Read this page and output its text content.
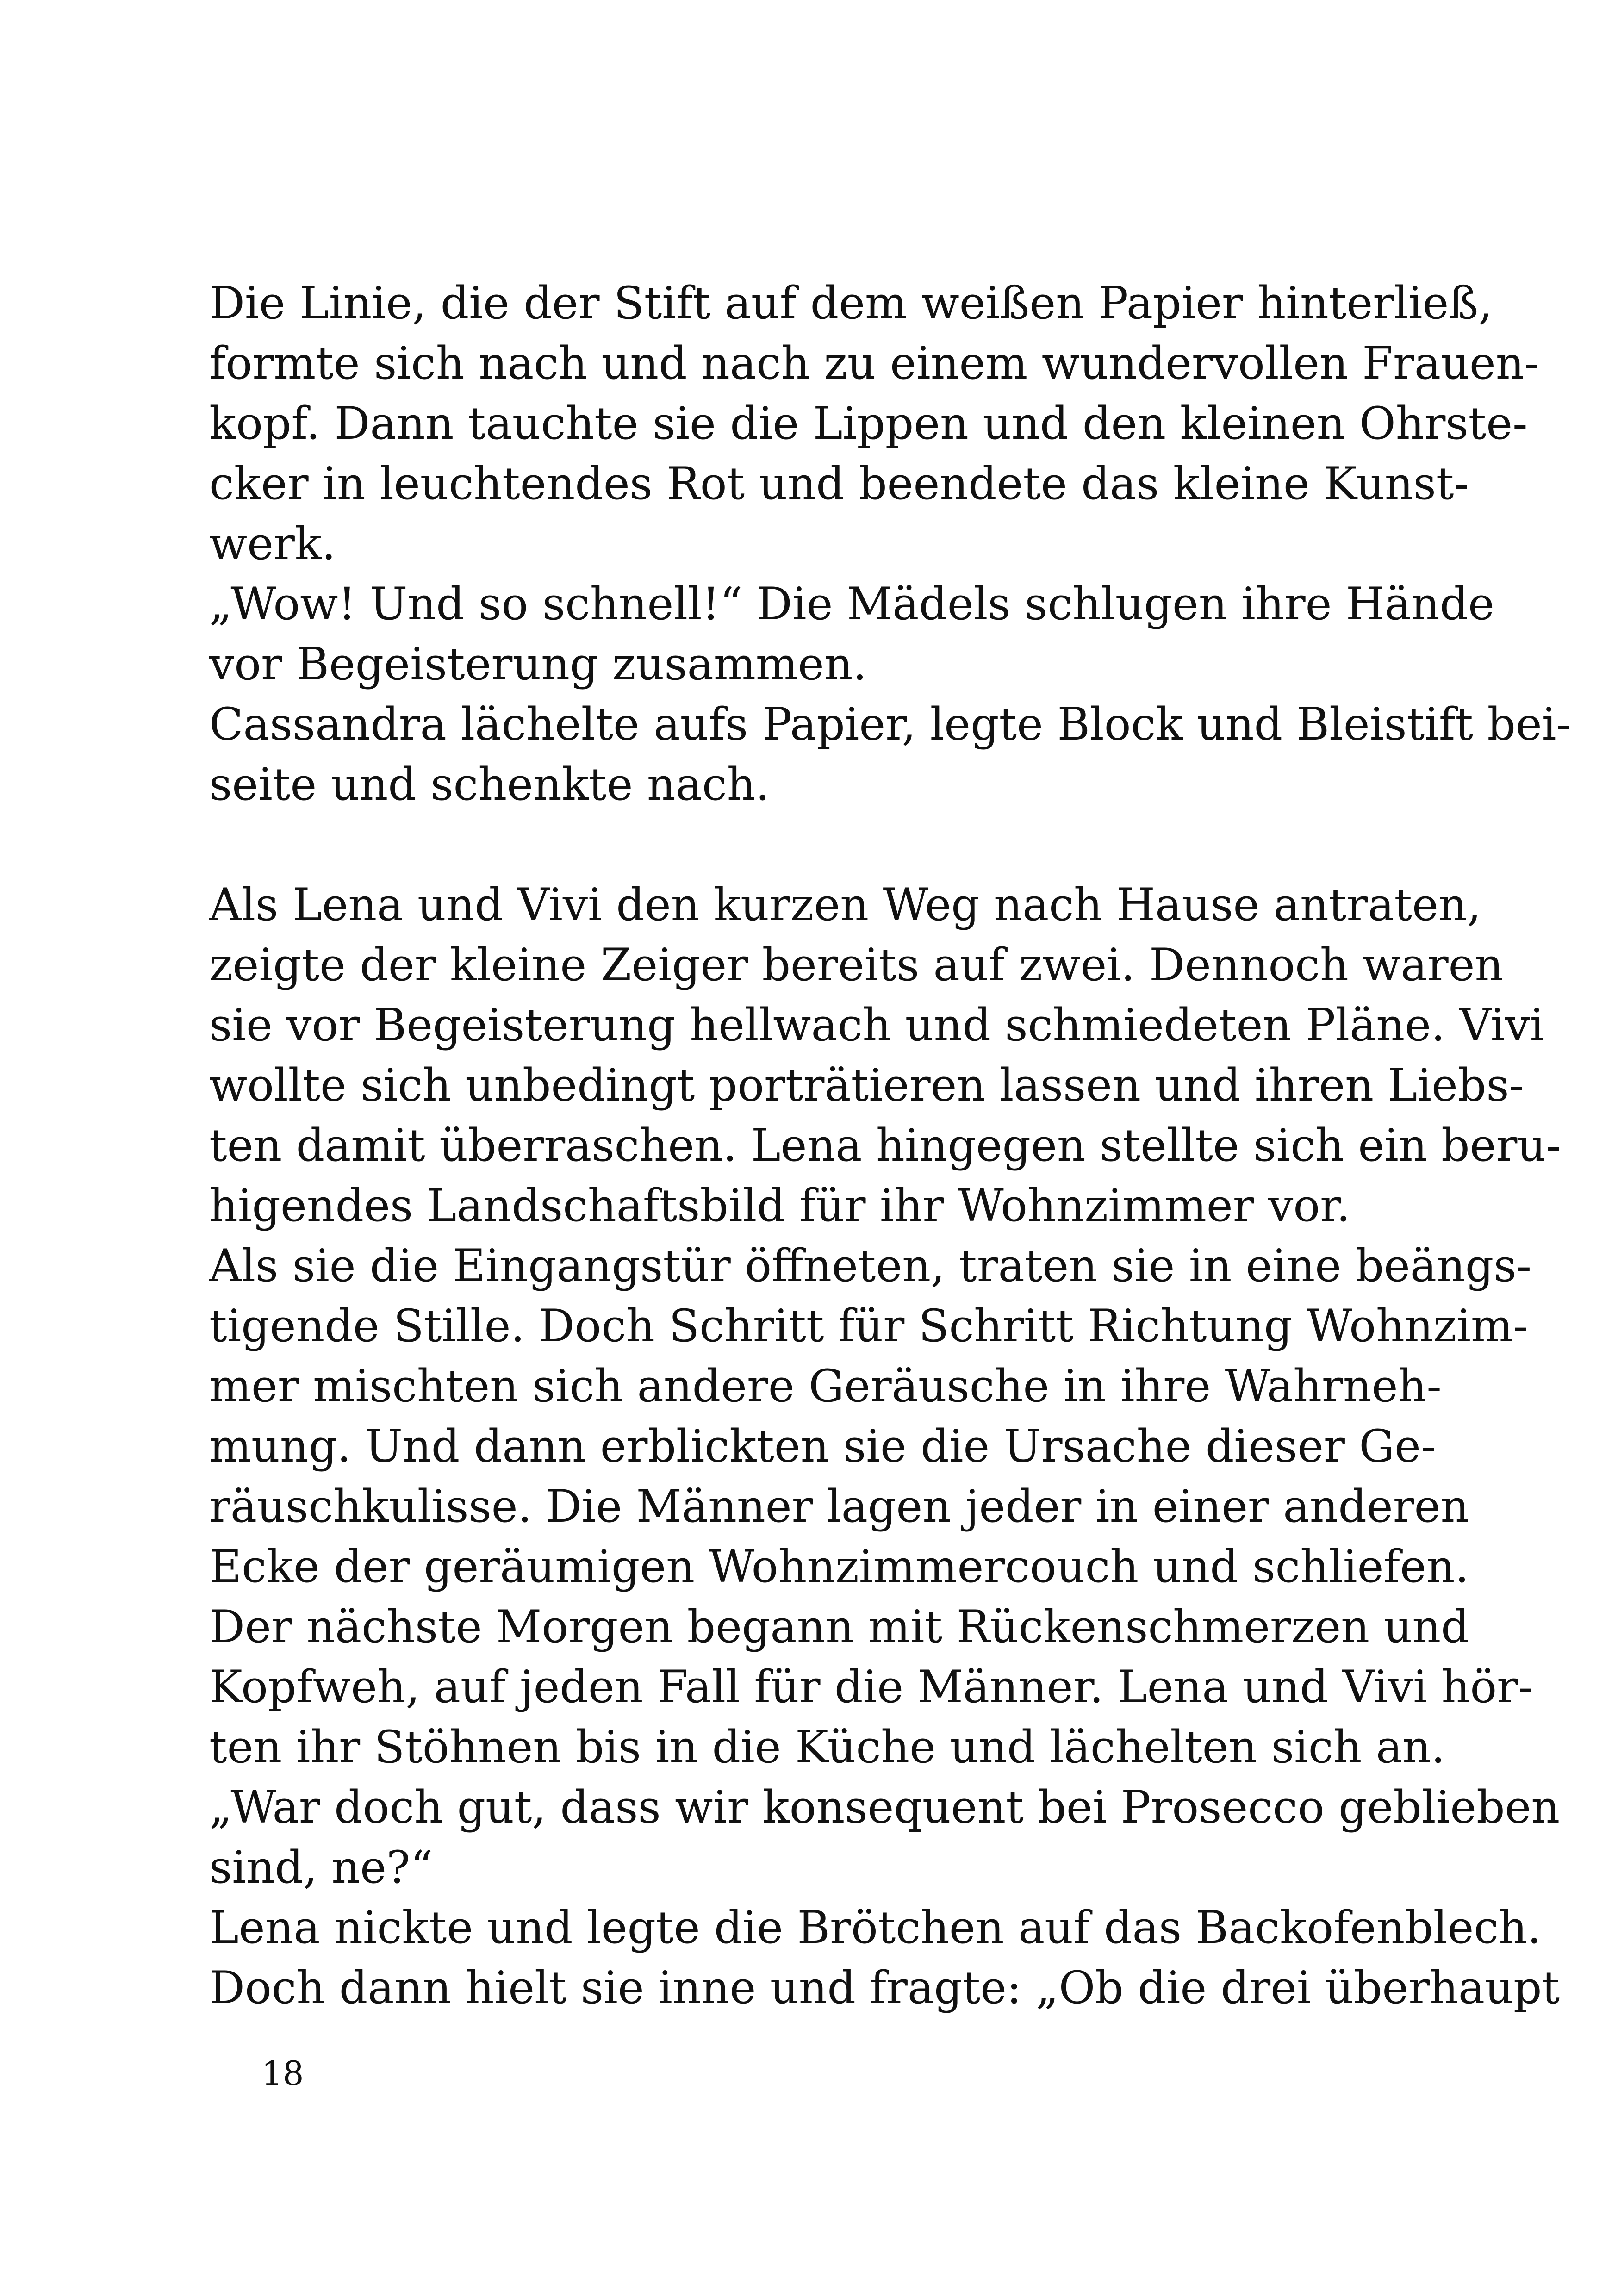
Die Linie, die der Stift auf dem weißen Papier hinterließ,
formte sich nach und nach zu einem wundervollen Frauen-
kopf. Dann tauchte sie die Lippen und den kleinen Ohrste-
cker in leuchtendes Rot und beendete das kleine Kunst-
werk.
„Wow! Und so schnell!“ Die Mädels schlugen ihre Hände
vor Begeisterung zusammen.
Cassandra lächelte aufs Papier, legte Block und Bleistift bei-
seite und schenkte nach.
Als Lena und Vivi den kurzen Weg nach Hause antraten,
zeigte der kleine Zeiger bereits auf zwei. Dennoch waren
sie vor Begeisterung hellwach und schmiedeten Pläne. Vivi
wollte sich unbedingt porträtieren lassen und ihren Liebs-
ten damit überraschen. Lena hingegen stellte sich ein beru-
higendes Landschaftsbild für ihr Wohnzimmer vor.
Als sie die Eingangstür öffneten, traten sie in eine beängs-
tigende Stille. Doch Schritt für Schritt Richtung Wohnzim-
mer mischten sich andere Geräusche in ihre Wahrneh-
mung. Und dann erblickten sie die Ursache dieser Ge-
räuschkulisse. Die Männer lagen jeder in einer anderen
Ecke der geräumigen Wohnzimmercouch und schliefen.
Der nächste Morgen begann mit Rückenschmerzen und
Kopfweh, auf jeden Fall für die Männer. Lena und Vivi hör-
ten ihr Stöhnen bis in die Küche und lächelten sich an.
„War doch gut, dass wir konsequent bei Prosecco geblieben
sind, ne?“
Lena nickte und legte die Brötchen auf das Backofenblech.
Doch dann hielt sie inne und fragte: „Ob die drei überhaupt
18
